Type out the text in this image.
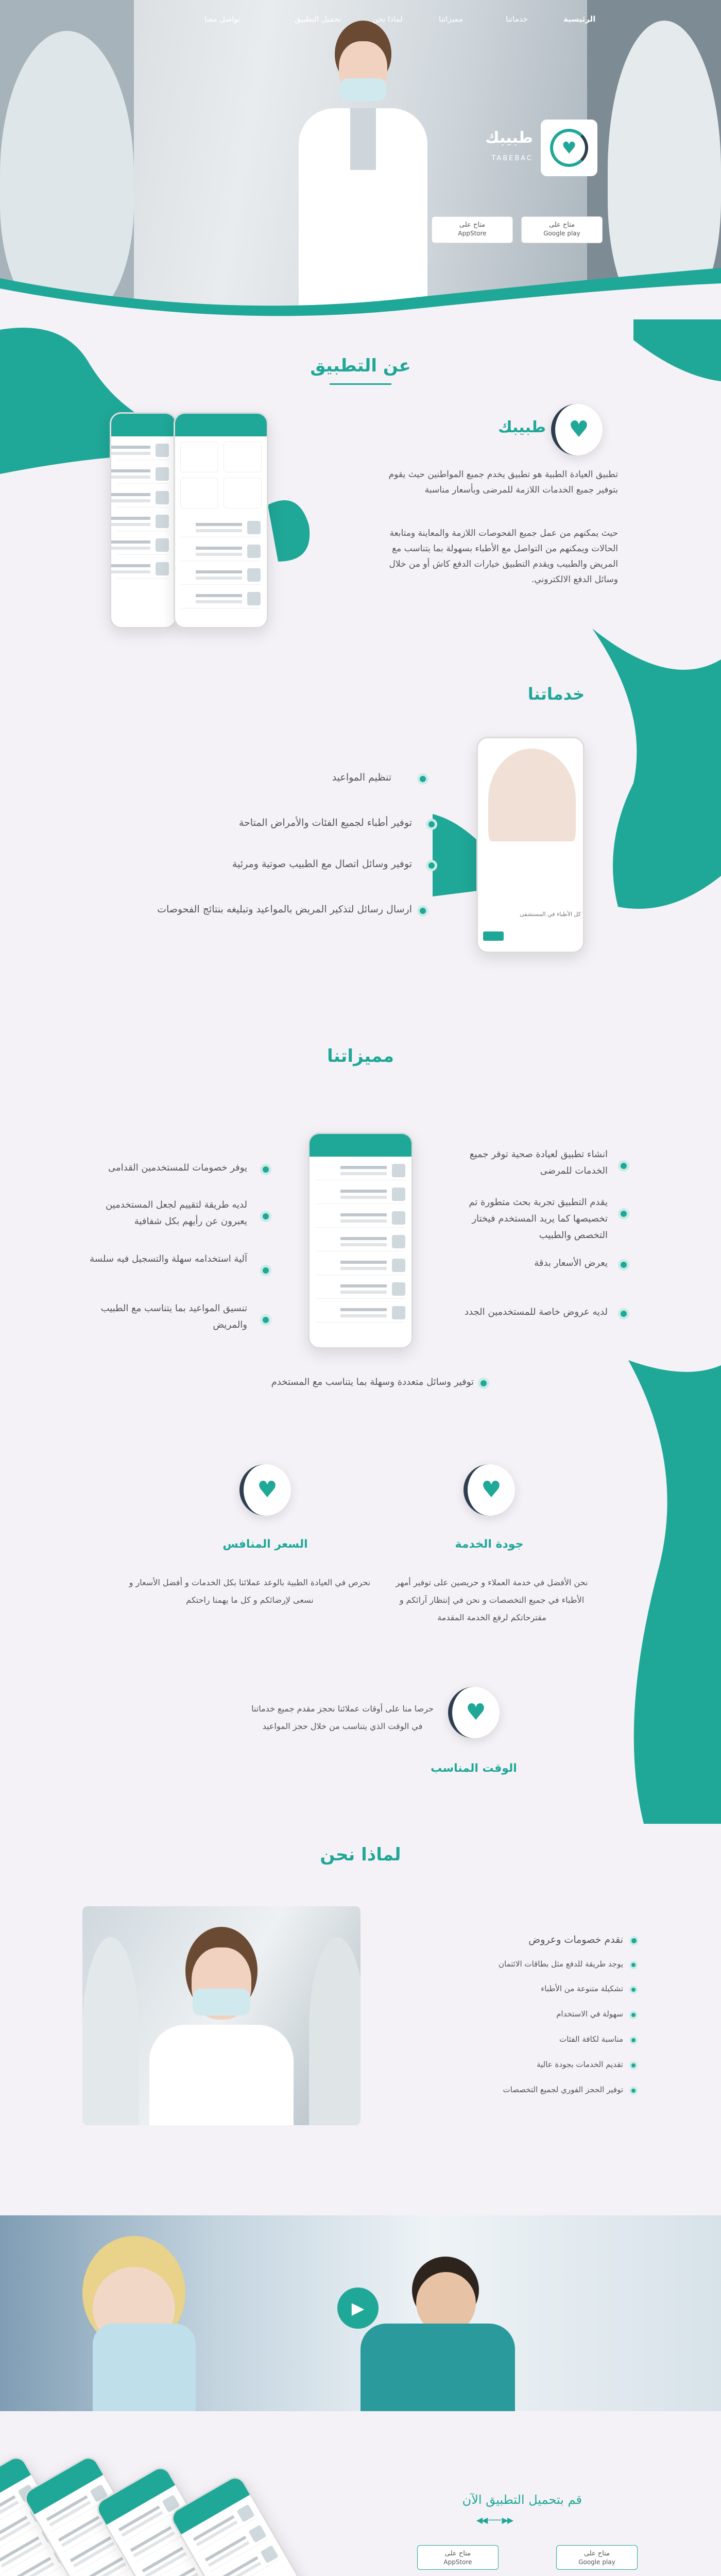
الرئيسية
خدماتنا
مميزاتنا
لماذا نحن
تحميل التطبيق
تواصل معنا
♥
طبيبك
TABEBAC
متاح على
Google play
متاح على
AppStore
عن التطبيق
♥
طبيبك
تطبيق العيادة الطبية هو تطبيق يخدم جميع المواطنين حيث يقوم بتوفير جميع الخدمات اللازمة للمرضى وبأسعار مناسبة
حيث يمكنهم من عمل جميع الفحوصات اللازمة والمعاينة ومتابعة الحالات ويمكنهم من التواصل مع الأطباء بسهولة بما يتناسب مع المريض والطبيب ويقدم التطبيق خيارات الدفع كاش أو من خلال وسائل الدفع الالكتروني.
خدماتنا
كل الأطباء في المستشفى
تنظيم المواعيد
توفير أطباء لجميع الفئات والأمراض المتاحة
توفير وسائل اتصال مع الطبيب صوتية ومرئية
ارسال رسائل لتذكير المريض بالمواعيد وتبليغه بنتائج الفحوصات
مميزاتنا
انشاء تطبيق لعيادة صحية توفر جميع الخدمات للمرضى
يقدم التطبيق تجربة بحث متطورة تم تخصيصها كما يريد المستخدم فيختار التخصص والطبيب
يعرض الأسعار بدقة
لديه عروض خاصة للمستخدمين الجدد
يوفر خصومات للمستخدمين القدامى
لديه طريقة لتقييم لجعل المستخدمين يعبرون عن رأيهم بكل شفافية
آلية استخدامه سهلة والتسجيل فيه سلسة
تنسيق المواعيد بما يتناسب مع الطبيب والمريض
توفير وسائل متعددة وسهلة بما يتناسب مع المستخدم
♥
جودة الخدمة
نحن الأفضل في خدمة العملاء و حريصين على توفير أمهر الأطباء في جميع التخصصات و نحن في إنتظار آرائكم و مقترحاتكم لرفع الخدمة المقدمة
♥
السعر المنافس
نحرص في العيادة الطبية بالوعد عملائنا بكل الخدمات و أفضل الأسعار و نسعى لإرضائكم و كل ما يهمنا راحتكم
♥
الوقت المناسب
حرصا منا على أوقات عملائنا نحجز مقدم جميع خدماتنا في الوقت الذي يتناسب من خلال حجز المواعيد
لماذا نحن
نقدم خصومات وعروض
يوجد طريقة للدفع مثل بطاقات الائتمان
تشكيلة متنوعة من الأطباء
سهولة في الاستخدام
مناسبة لكافة الفئات
تقديم الخدمات بجودة عالية
توفير الحجز الفوري لجميع التخصصات
▶
قم بتحميل التطبيق الآن
◀◀ ─── ▶▶
متاح على
Google play
متاح على
AppStore
